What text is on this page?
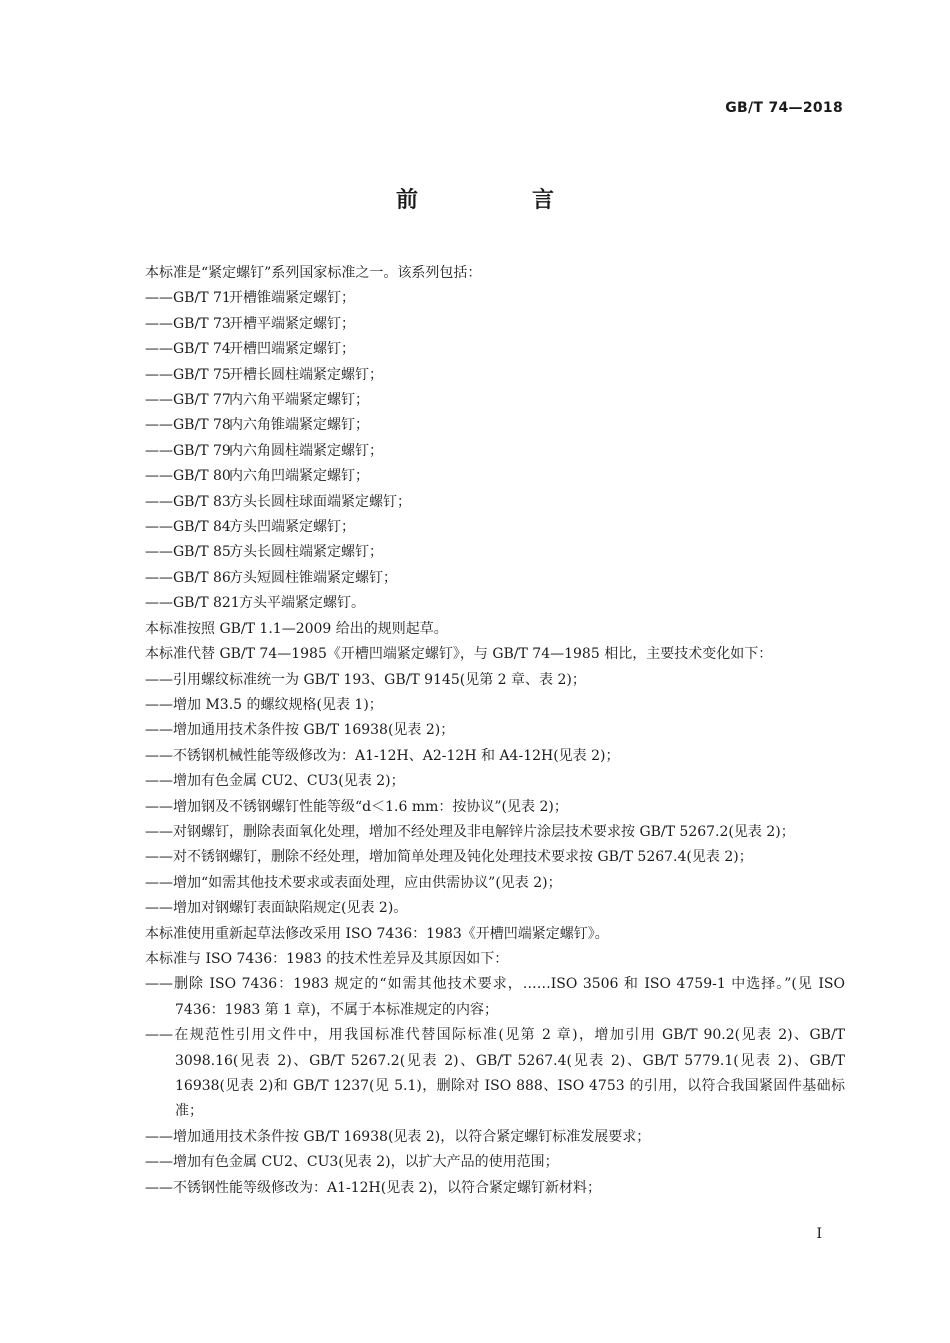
GB/T 74—2018
前　言
本标准是“紧定螺钉”系列国家标准之一。该系列包括：
——GB/T 71开槽锥端紧定螺钉；
——GB/T 73开槽平端紧定螺钉；
——GB/T 74开槽凹端紧定螺钉；
——GB/T 75开槽长圆柱端紧定螺钉；
——GB/T 77内六角平端紧定螺钉；
——GB/T 78内六角锥端紧定螺钉；
——GB/T 79内六角圆柱端紧定螺钉；
——GB/T 80内六角凹端紧定螺钉；
——GB/T 83方头长圆柱球面端紧定螺钉；
——GB/T 84方头凹端紧定螺钉；
——GB/T 85方头长圆柱端紧定螺钉；
——GB/T 86方头短圆柱锥端紧定螺钉；
——GB/T 821方头平端紧定螺钉。
本标准按照 GB/T 1.1—2009 给出的规则起草。
本标准代替 GB/T 74—1985《开槽凹端紧定螺钉》，与 GB/T 74—1985 相比，主要技术变化如下：
——引用螺纹标准统一为 GB/T 193、GB/T 9145(见第 2 章、表 2)；
——增加 M3.5 的螺纹规格(见表 1)；
——增加通用技术条件按 GB/T 16938(见表 2)；
——不锈钢机械性能等级修改为：A1-12H、A2-12H 和 A4-12H(见表 2)；
——增加有色金属 CU2、CU3(见表 2)；
——增加钢及不锈钢螺钉性能等级“d＜1.6 mm：按协议”(见表 2)；
——对钢螺钉，删除表面氧化处理，增加不经处理及非电解锌片涂层技术要求按 GB/T 5267.2(见表 2)；
——对不锈钢螺钉，删除不经处理，增加简单处理及钝化处理技术要求按 GB/T 5267.4(见表 2)；
——增加“如需其他技术要求或表面处理，应由供需协议”(见表 2)；
——增加对钢螺钉表面缺陷规定(见表 2)。
本标准使用重新起草法修改采用 ISO 7436：1983《开槽凹端紧定螺钉》。
本标准与 ISO 7436：1983 的技术性差异及其原因如下：
——删除 ISO 7436：1983 规定的“如需其他技术要求，……ISO 3506 和 ISO 4759-1 中选择。”(见 ISO 7436：1983 第 1 章)，不属于本标准规定的内容；
——在规范性引用文件中，用我国标准代替国际标准(见第 2 章)，增加引用 GB/T 90.2(见表 2)、GB/T 3098.16(见表 2)、GB/T 5267.2(见表 2)、GB/T 5267.4(见表 2)、GB/T 5779.1(见表 2)、GB/T 16938(见表 2)和 GB/T 1237(见 5.1)，删除对 ISO 888、ISO 4753 的引用，以符合我国紧固件基础标准；
——增加通用技术条件按 GB/T 16938(见表 2)，以符合紧定螺钉标准发展要求；
——增加有色金属 CU2、CU3(见表 2)，以扩大产品的使用范围；
——不锈钢性能等级修改为：A1-12H(见表 2)，以符合紧定螺钉新材料；
I
